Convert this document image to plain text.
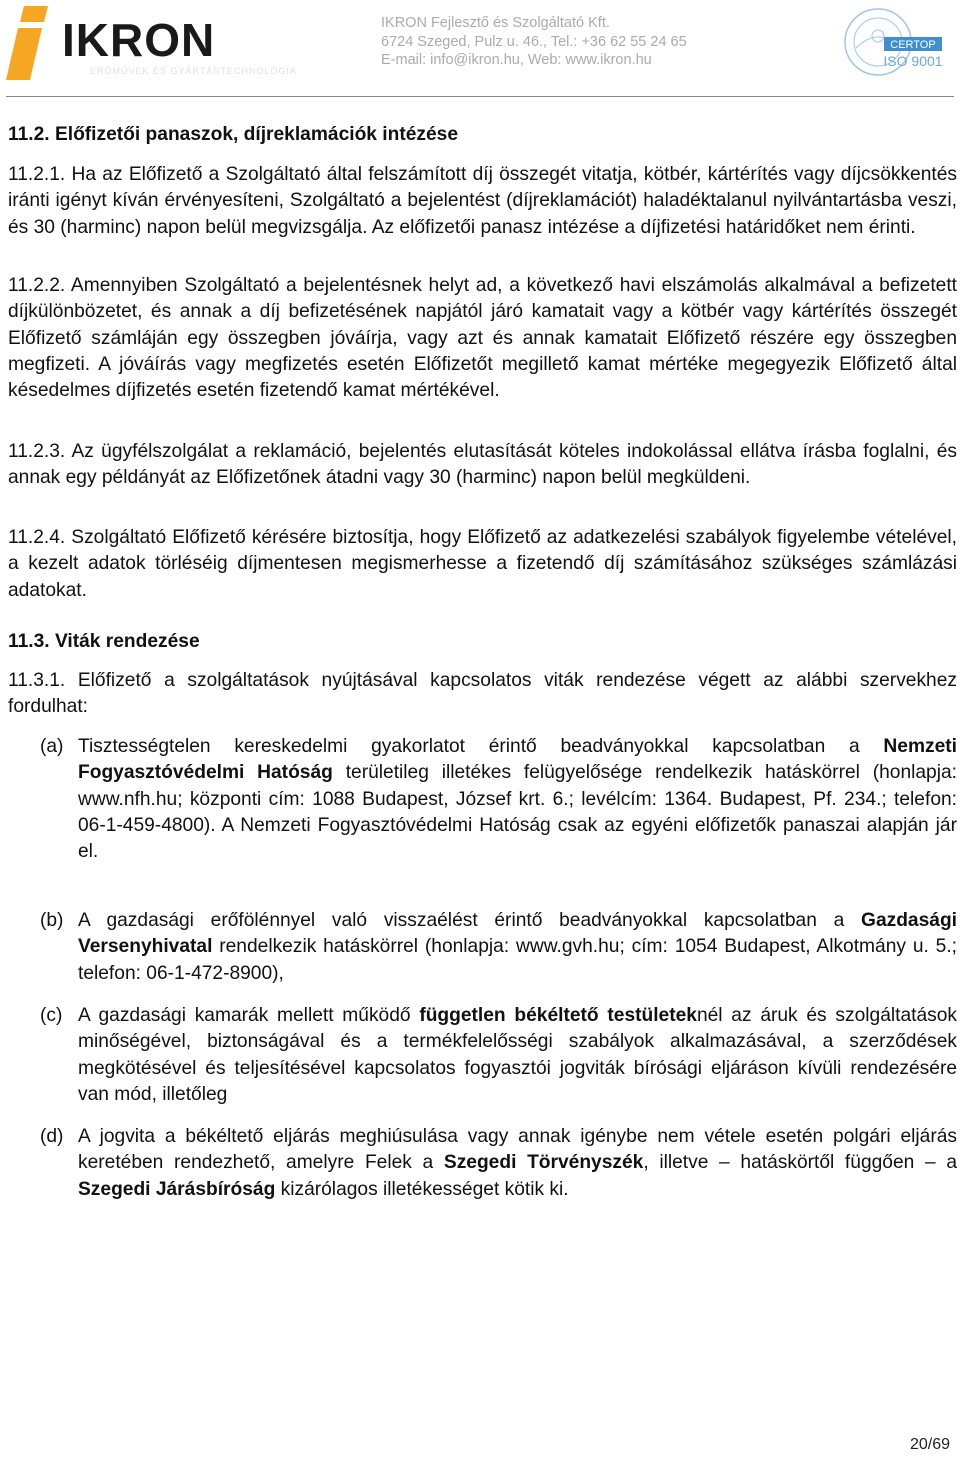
IKRON
ERŐMŰVEK ÉS GYÁRTÁSTECHNOLÓGIA
IKRON Fejlesztő és Szolgáltató Kft.
6724 Szeged, Pulz u. 46., Tel.: +36 62 55 24 65
E-mail: info@ikron.hu, Web: www.ikron.hu
CERTOP
ISO 9001

11.2. Előfizetői panaszok, díjreklamációk intézése

11.2.1. Ha az Előfizető a Szolgáltató által felszámított díj összegét vitatja, kötbér, kártérítés vagy díjcsökkentés iránti igényt kíván érvényesíteni, Szolgáltató a bejelentést (díjreklamációt) haladéktalanul nyilvántartásba veszi, és 30 (harminc) napon belül megvizsgálja. Az előfizetői panasz intézése a díjfizetési határidőket nem érinti.

11.2.2. Amennyiben Szolgáltató a bejelentésnek helyt ad, a következő havi elszámolás alkalmával a befizetett díjkülönbözetet, és annak a díj befizetésének napjától járó kamatait vagy a kötbér vagy kártérítés összegét Előfizető számláján egy összegben jóváírja, vagy azt és annak kamatait Előfizető részére egy összegben megfizeti. A jóváírás vagy megfizetés esetén Előfizetőt megillető kamat mértéke megegyezik Előfizető által késedelmes díjfizetés esetén fizetendő kamat mértékével.

11.2.3. Az ügyfélszolgálat a reklamáció, bejelentés elutasítását köteles indokolással ellátva írásba foglalni, és annak egy példányát az Előfizetőnek átadni vagy 30 (harminc) napon belül megküldeni.

11.2.4. Szolgáltató Előfizető kérésére biztosítja, hogy Előfizető az adatkezelési szabályok figyelembe vételével, a kezelt adatok törléséig díjmentesen megismerhesse a fizetendő díj számításához szükséges számlázási adatokat.

11.3. Viták rendezése

11.3.1. Előfizető a szolgáltatások nyújtásával kapcsolatos viták rendezése végett az alábbi szervekhez fordulhat:

(a) Tisztességtelen kereskedelmi gyakorlatot érintő beadványokkal kapcsolatban a Nemzeti Fogyasztóvédelmi Hatóság területileg illetékes felügyelősége rendelkezik hatáskörrel (honlapja: www.nfh.hu; központi cím: 1088 Budapest, József krt. 6.; levélcím: 1364. Budapest, Pf. 234.; telefon: 06-1-459-4800). A Nemzeti Fogyasztóvédelmi Hatóság csak az egyéni előfizetők panaszai alapján jár el.
(b) A gazdasági erőfölénnyel való visszaélést érintő beadványokkal kapcsolatban a Gazdasági Versenyhivatal rendelkezik hatáskörrel (honlapja: www.gvh.hu; cím: 1054 Budapest, Alkotmány u. 5.; telefon: 06-1-472-8900),
(c) A gazdasági kamarák mellett működő független békéltető testületeknél az áruk és szolgáltatások minőségével, biztonságával és a termékfelelősségi szabályok alkalmazásával, a szerződések megkötésével és teljesítésével kapcsolatos fogyasztói jogviták bírósági eljáráson kívüli rendezésére van mód, illetőleg
(d) A jogvita a békéltető eljárás meghiúsulása vagy annak igénybe nem vétele esetén polgári eljárás keretében rendezhető, amelyre Felek a Szegedi Törvényszék, illetve – hatáskörtől függően – a Szegedi Járásbíróság kizárólagos illetékességet kötik ki.
20/69
